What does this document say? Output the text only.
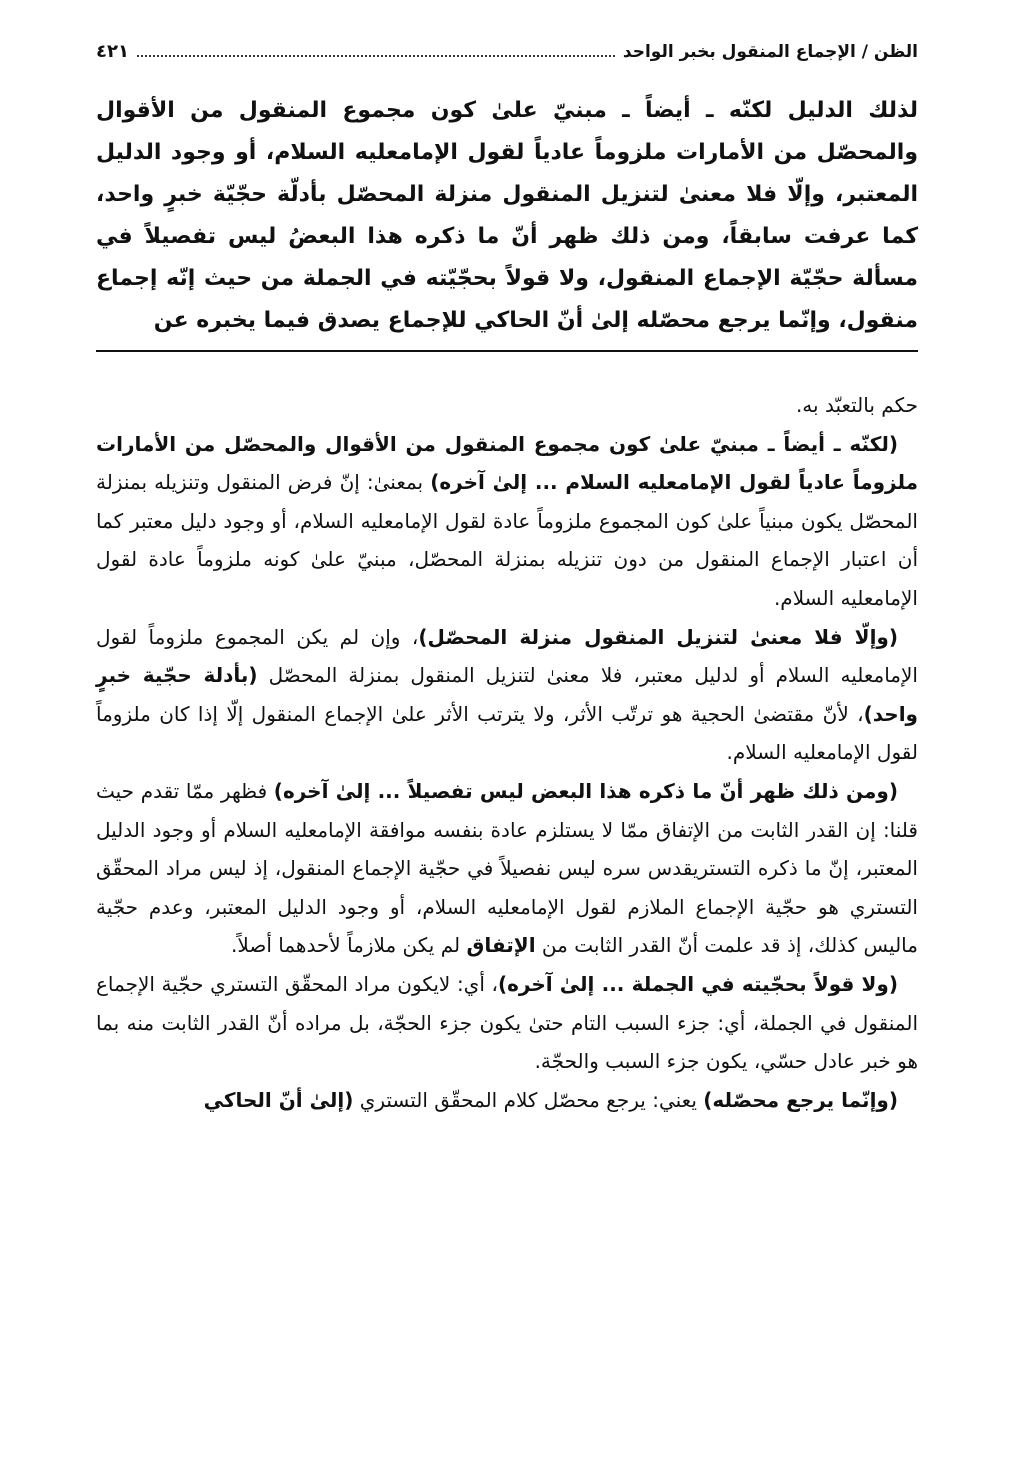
الظن / الإجماع المنقول بخبر الواحد
٤٢١

لذلك الدليل لكنّه ـ أيضاً ـ مبنيّ علىٰ كون مجموع المنقول من الأقوال والمحصّل من الأمارات ملزوماً عادياً لقول الإمامعليه السلام، أو وجود الدليل المعتبر، وإلّا فلا معنىٰ لتنزيل المنقول منزلة المحصّل بأدلّة حجّيّة خبرٍ واحد، كما عرفت سابقاً، ومن ذلك ظهر أنّ ما ذكره هذا البعضُ ليس تفصيلاً في مسألة حجّيّة الإجماع المنقول، ولا قولاً بحجّيّته في الجملة من حيث إنّه إجماع منقول، وإنّما يرجع محصّله إلىٰ أنّ الحاكي للإجماع يصدق فيما يخبره عن

حكم بالتعبّد به.

(لكنّه ـ أيضاً ـ مبنيّ علىٰ كون مجموع المنقول من الأقوال والمحصّل من الأمارات ملزوماً عادياً لقول الإمامعليه السلام ... إلىٰ آخره) بمعنىٰ: إنّ فرض المنقول وتنزيله بمنزلة المحصّل يكون مبنياً علىٰ كون المجموع ملزوماً عادة لقول الإمامعليه السلام، أو وجود دليل معتبر كما أن اعتبار الإجماع المنقول من دون تنزيله بمنزلة المحصّل، مبنيّ علىٰ كونه ملزوماً عادة لقول الإمامعليه السلام.

(وإلّا فلا معنىٰ لتنزيل المنقول منزلة المحصّل)، وإن لم يكن المجموع ملزوماً لقول الإمامعليه السلام أو لدليل معتبر، فلا معنىٰ لتنزيل المنقول بمنزلة المحصّل (بأدلة حجّية خبرٍ واحد)، لأنّ مقتضىٰ الحجية هو ترتّب الأثر، ولا يترتب الأثر علىٰ الإجماع المنقول إلّا إذا كان ملزوماً لقول الإمامعليه السلام.

(ومن ذلك ظهر أنّ ما ذكره هذا البعض ليس تفصيلاً ... إلىٰ آخره) فظهر ممّا تقدم حيث قلنا: إن القدر الثابت من الإتفاق ممّا لا يستلزم عادة بنفسه موافقة الإمامعليه السلام أو وجود الدليل المعتبر، إنّ ما ذكره التستريقدس سره ليس نفصيلاً في حجّية الإجماع المنقول، إذ ليس مراد المحقّق التستري هو حجّية الإجماع الملازم لقول الإمامعليه السلام، أو وجود الدليل المعتبر، وعدم حجّية ماليس كذلك، إذ قد علمت أنّ القدر الثابت من الإتفاق لم يكن ملازماً لأحدهما أصلاً.

(ولا قولاً بحجّيته في الجملة ... إلىٰ آخره)، أي: لايكون مراد المحقّق التستري حجّية الإجماع المنقول في الجملة، أي: جزء السبب التام حتىٰ يكون جزء الحجّة، بل مراده أنّ القدر الثابت منه بما هو خبر عادل حسّي، يكون جزء السبب والحجّة.

(وإنّما يرجع محصّله) يعني: يرجع محصّل كلام المحقّق التستري (إلىٰ أنّ الحاكي
